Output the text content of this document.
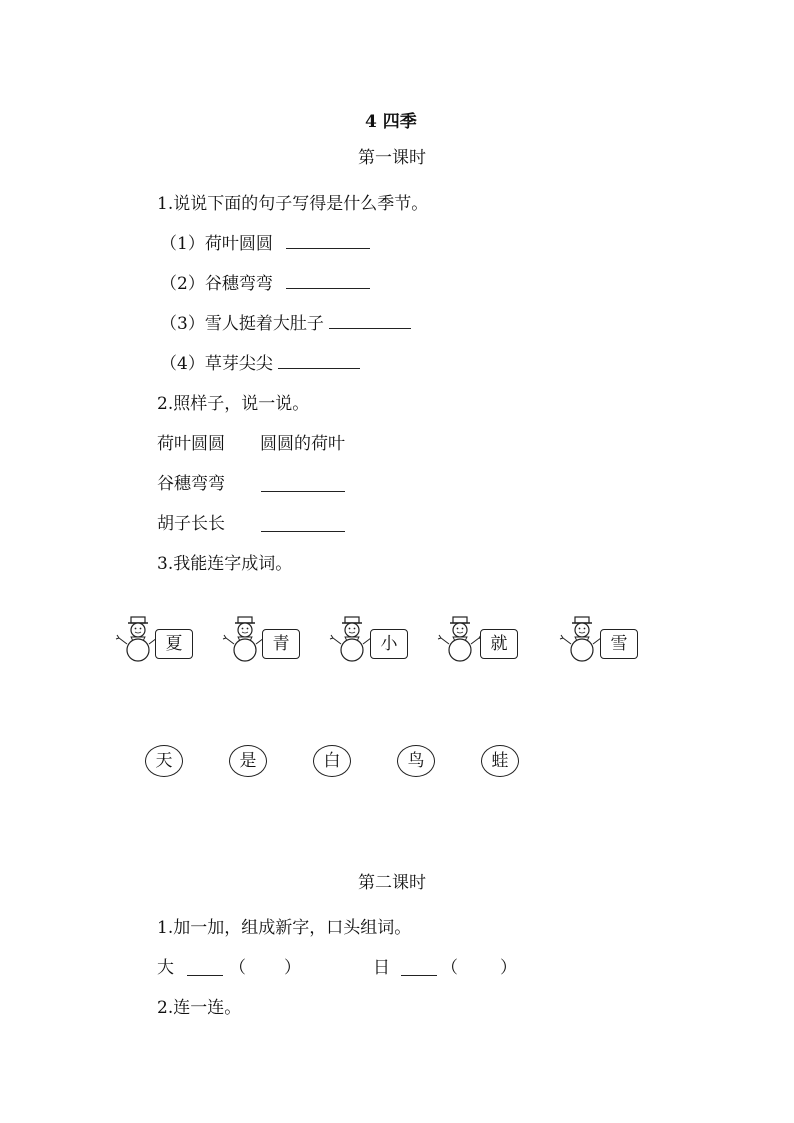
4 四季
第一课时
1.说说下面的句子写得是什么季节。
（1）荷叶圆圆
（2）谷穗弯弯
（3）雪人挺着大肚子
（4）草芽尖尖
2.照样子，说一说。
荷叶圆圆 圆圆的荷叶
谷穗弯弯
胡子长长
3.我能连字成词。
夏	青	小	就	雪
天	是	白	鸟	蛙
第二课时
1.加一加，组成新字，口头组词。
大	（ ）	日	（ ）
2.连一连。
